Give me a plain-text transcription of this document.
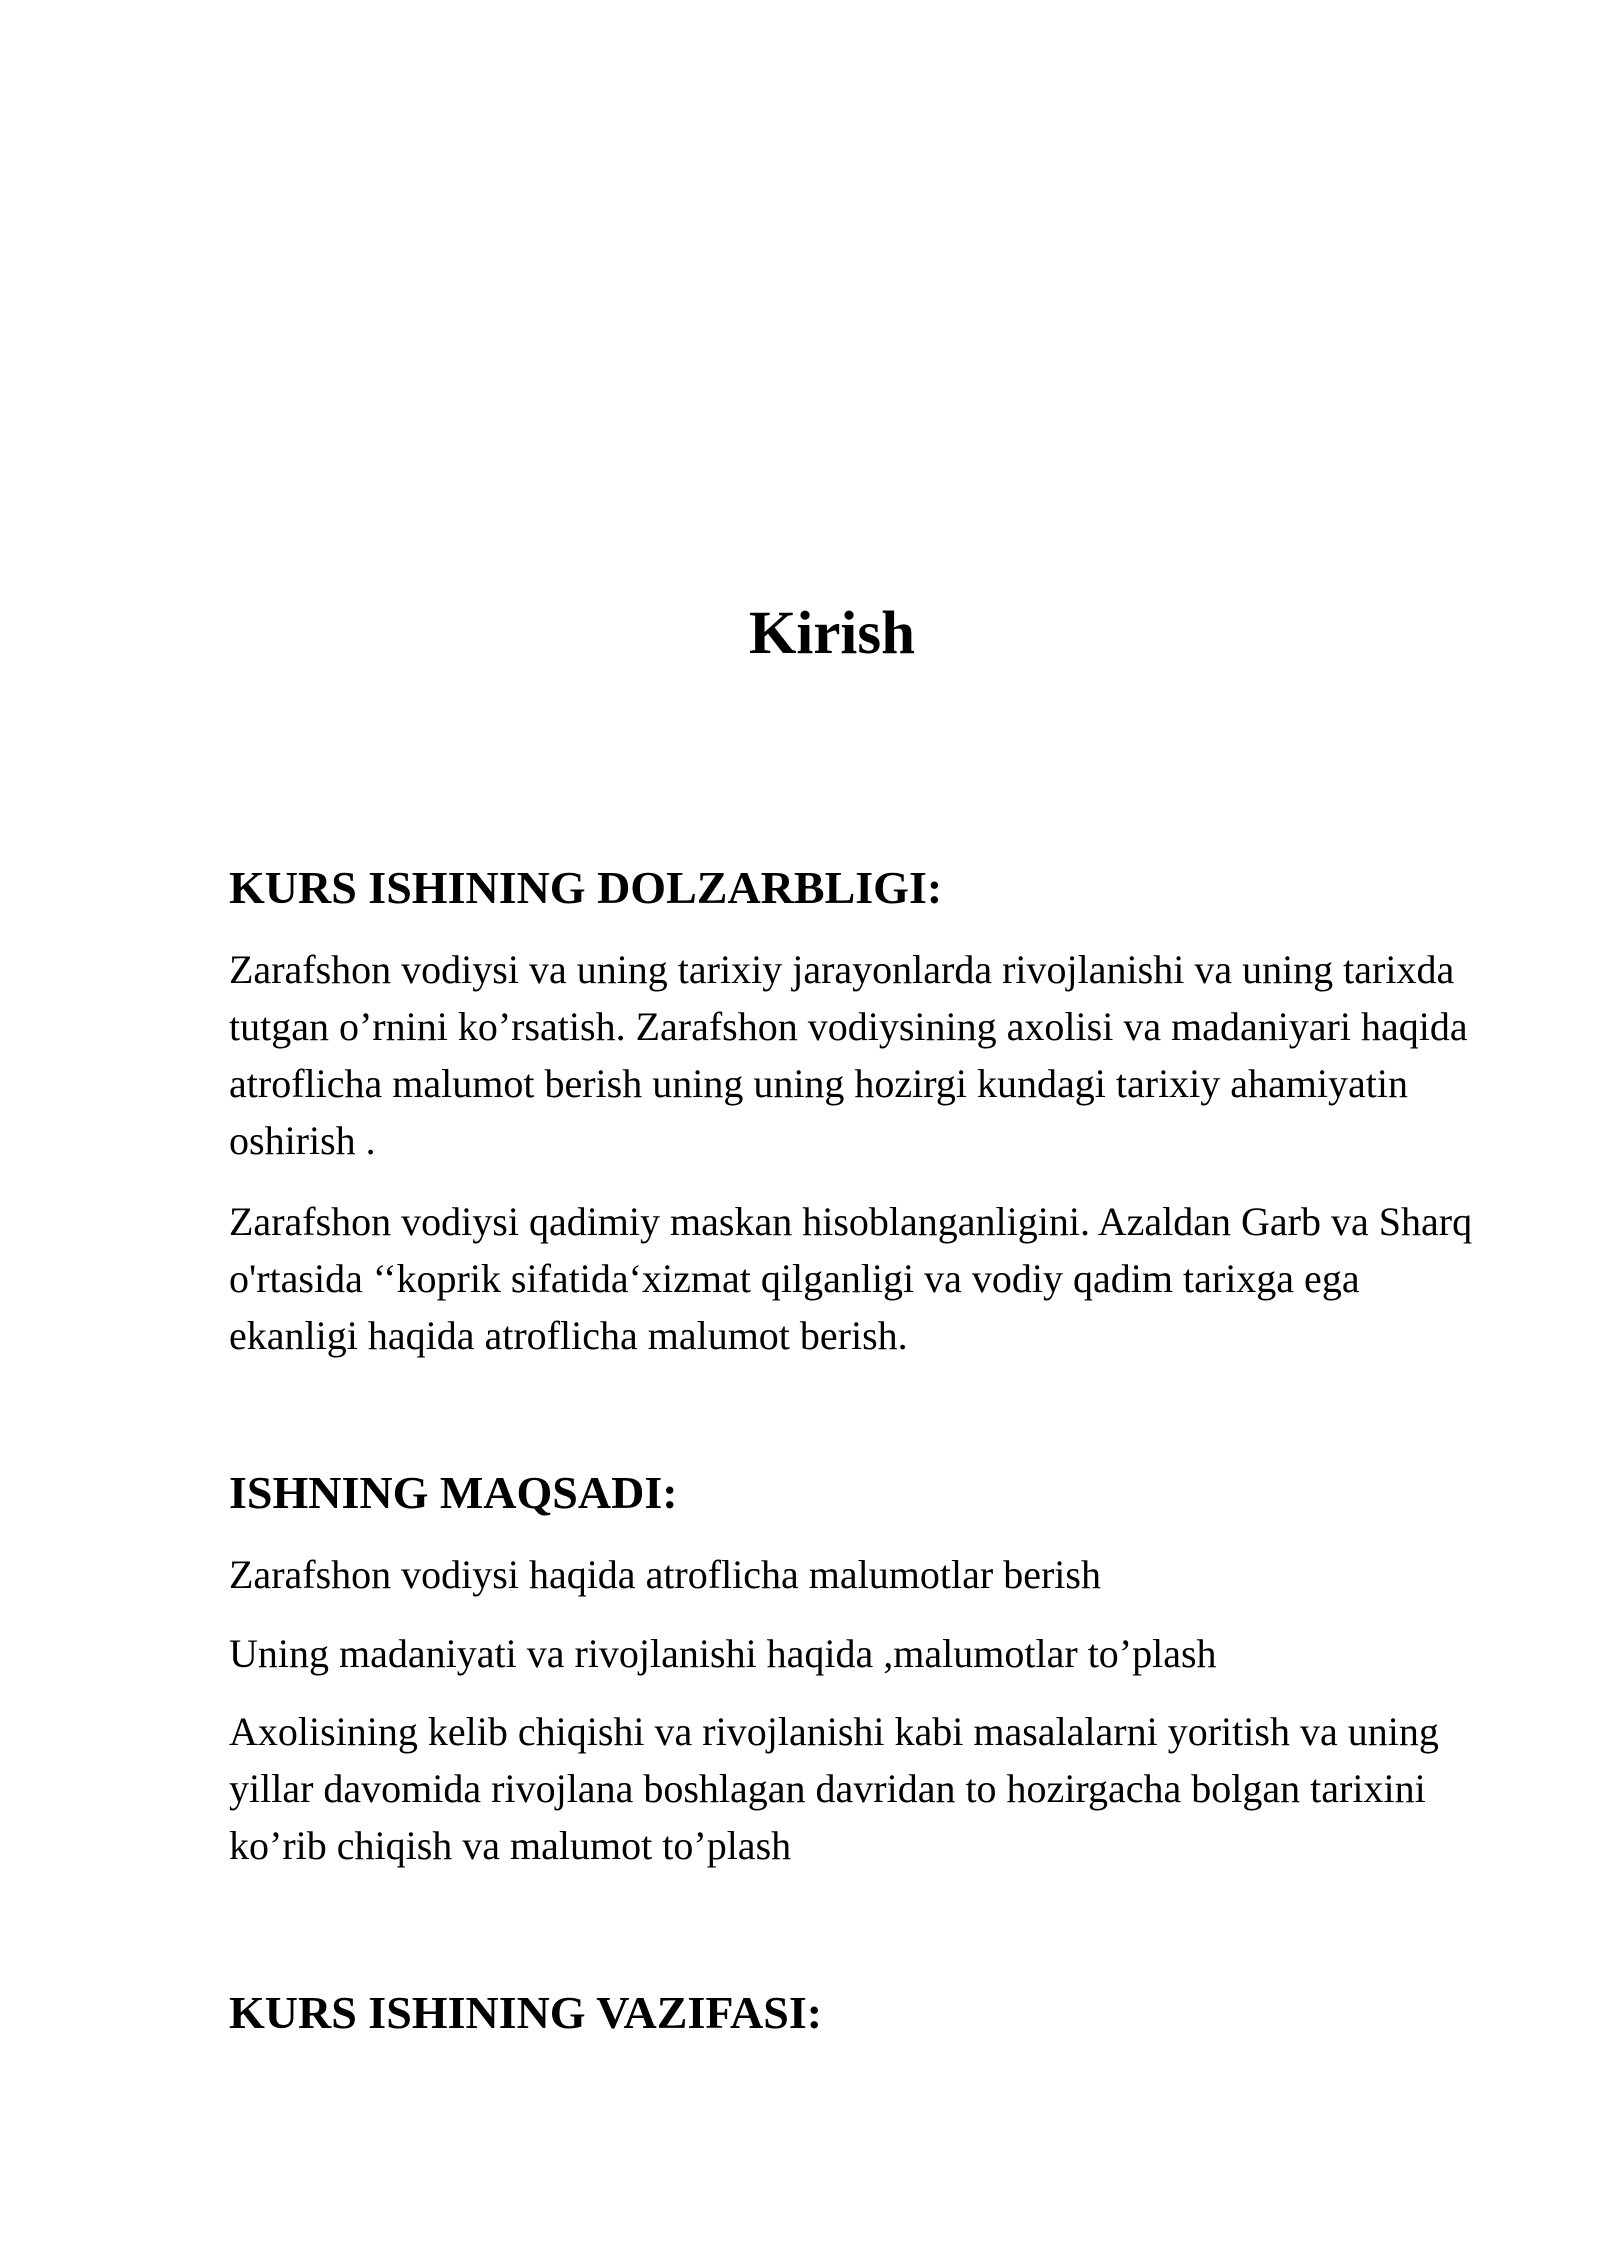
Kirish
KURS ISHINING DOLZARBLIGI:

Zarafshon vodiysi va uning tarixiy jarayonlarda rivojlanishi va uning tarixda tutgan o’rnini ko’rsatish. Zarafshon vodiysining axolisi va madaniyari haqida atroflicha malumot berish uning uning hozirgi kundagi tarixiy ahamiyatin oshirish .

Zarafshon vodiysi qadimiy maskan hisoblanganligini. Azaldan Garb va Sharq o'rtasida ‘‘koprik sifatida‘xizmat qilganligi va vodiy qadim tarixga ega ekanligi haqida atroflicha malumot berish.

ISHNING MAQSADI:

Zarafshon vodiysi haqida atroflicha malumotlar berish

Uning madaniyati va rivojlanishi haqida ,malumotlar to’plash

Axolisining kelib chiqishi va rivojlanishi kabi masalalarni yoritish va uning yillar davomida rivojlana boshlagan davridan to hozirgacha bolgan tarixini ko’rib chiqish va malumot to’plash

KURS ISHINING VAZIFASI:
